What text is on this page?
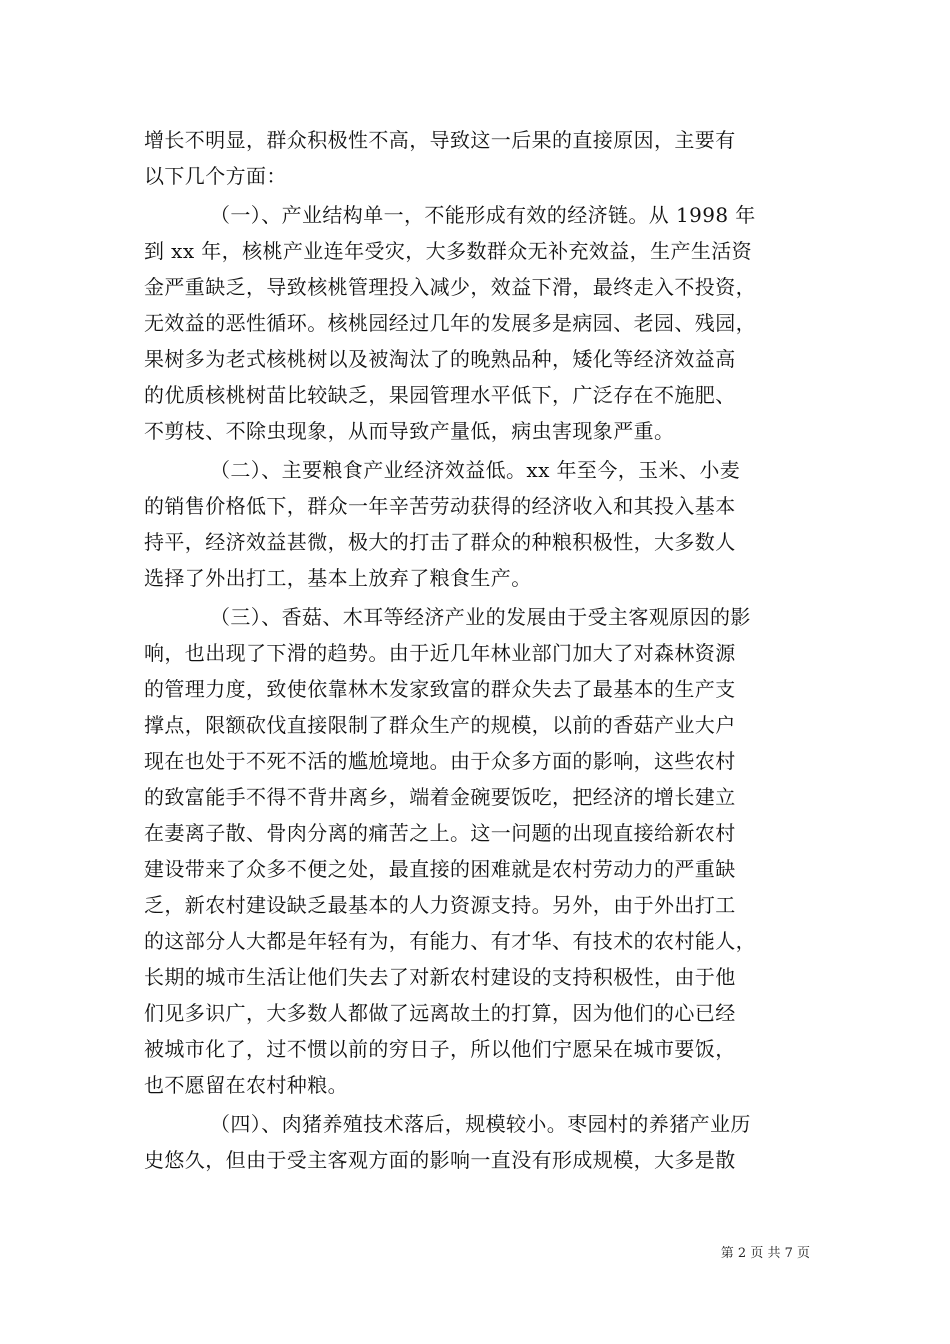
增长不明显，群众积极性不高，导致这一后果的直接原因，主要有
以下几个方面：
（一）、产业结构单一，不能形成有效的经济链。从 1998 年
到 xx 年，核桃产业连年受灾，大多数群众无补充效益，生产生活资
金严重缺乏，导致核桃管理投入减少，效益下滑，最终走入不投资，
无效益的恶性循环。核桃园经过几年的发展多是病园、老园、残园，
果树多为老式核桃树以及被淘汰了的晚熟品种，矮化等经济效益高
的优质核桃树苗比较缺乏，果园管理水平低下，广泛存在不施肥、
不剪枝、不除虫现象，从而导致产量低，病虫害现象严重。
（二）、主要粮食产业经济效益低。xx 年至今，玉米、小麦
的销售价格低下，群众一年辛苦劳动获得的经济收入和其投入基本
持平，经济效益甚微，极大的打击了群众的种粮积极性，大多数人
选择了外出打工，基本上放弃了粮食生产。
（三）、香菇、木耳等经济产业的发展由于受主客观原因的影
响，也出现了下滑的趋势。由于近几年林业部门加大了对森林资源
的管理力度，致使依靠林木发家致富的群众失去了最基本的生产支
撑点，限额砍伐直接限制了群众生产的规模，以前的香菇产业大户
现在也处于不死不活的尴尬境地。由于众多方面的影响，这些农村
的致富能手不得不背井离乡，端着金碗要饭吃，把经济的增长建立
在妻离子散、骨肉分离的痛苦之上。这一问题的出现直接给新农村
建设带来了众多不便之处，最直接的困难就是农村劳动力的严重缺
乏，新农村建设缺乏最基本的人力资源支持。另外，由于外出打工
的这部分人大都是年轻有为，有能力、有才华、有技术的农村能人，
长期的城市生活让他们失去了对新农村建设的支持积极性，由于他
们见多识广，大多数人都做了远离故土的打算，因为他们的心已经
被城市化了，过不惯以前的穷日子，所以他们宁愿呆在城市要饭，
也不愿留在农村种粮。
（四）、肉猪养殖技术落后，规模较小。枣园村的养猪产业历
史悠久，但由于受主客观方面的影响一直没有形成规模，大多是散
第 2 页 共 7 页
